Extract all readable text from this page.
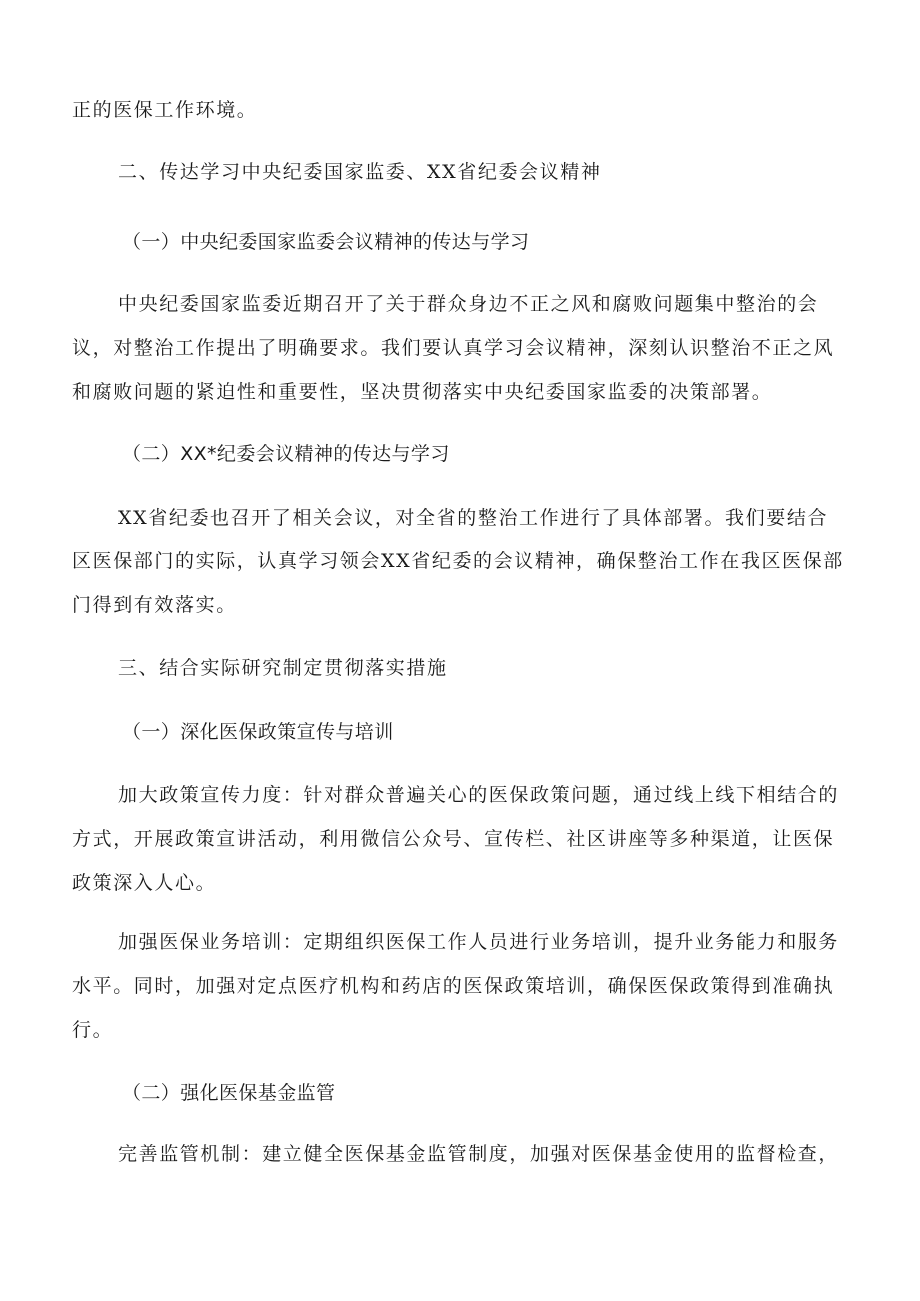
正的医保工作环境。
二、传达学习中央纪委国家监委、XX省纪委会议精神
（一）中央纪委国家监委会议精神的传达与学习
中央纪委国家监委近期召开了关于群众身边不正之风和腐败问题集中整治的会
议，对整治工作提出了明确要求。我们要认真学习会议精神，深刻认识整治不正之风
和腐败问题的紧迫性和重要性，坚决贯彻落实中央纪委国家监委的决策部署。
（二）XX*纪委会议精神的传达与学习
XX省纪委也召开了相关会议，对全省的整治工作进行了具体部署。我们要结合
区医保部门的实际，认真学习领会XX省纪委的会议精神，确保整治工作在我区医保部
门得到有效落实。
三、结合实际研究制定贯彻落实措施
（一）深化医保政策宣传与培训
加大政策宣传力度：针对群众普遍关心的医保政策问题，通过线上线下相结合的
方式，开展政策宣讲活动，利用微信公众号、宣传栏、社区讲座等多种渠道，让医保
政策深入人心。
加强医保业务培训：定期组织医保工作人员进行业务培训，提升业务能力和服务
水平。同时，加强对定点医疗机构和药店的医保政策培训，确保医保政策得到准确执
行。
（二）强化医保基金监管
完善监管机制：建立健全医保基金监管制度，加强对医保基金使用的监督检查，
